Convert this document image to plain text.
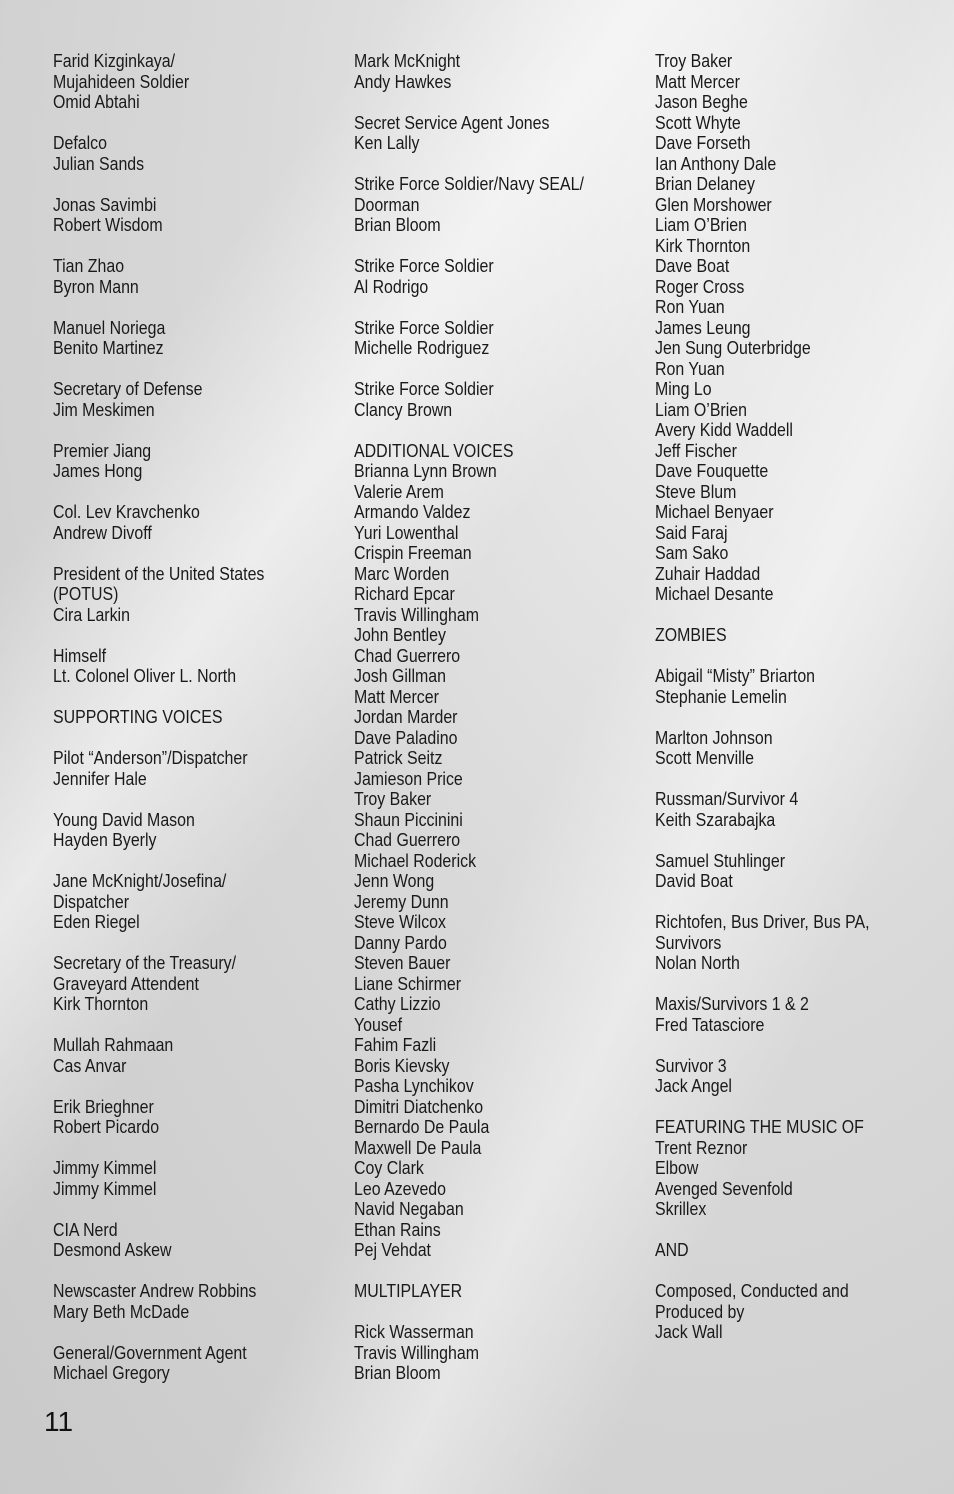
Farid Kizginkaya/
Mujahideen Soldier
Omid Abtahi
Defalco
Julian Sands
Jonas Savimbi
Robert Wisdom
Tian Zhao
Byron Mann
Manuel Noriega
Benito Martinez
Secretary of Defense
Jim Meskimen
Premier Jiang
James Hong
Col. Lev Kravchenko
Andrew Divoff
President of the United States
(POTUS)
Cira Larkin
Himself
Lt. Colonel Oliver L. North
SUPPORTING VOICES
Pilot “Anderson”/Dispatcher
Jennifer Hale
Young David Mason
Hayden Byerly
Jane McKnight/Josefina/
Dispatcher
Eden Riegel
Secretary of the Treasury/
Graveyard Attendent
Kirk Thornton
Mullah Rahmaan
Cas Anvar
Erik Brieghner
Robert Picardo
Jimmy Kimmel
Jimmy Kimmel
CIA Nerd
Desmond Askew
Newscaster Andrew Robbins
Mary Beth McDade
General/Government Agent
Michael Gregory
Mark McKnight
Andy Hawkes
Secret Service Agent Jones
Ken Lally
Strike Force Soldier/Navy SEAL/
Doorman
Brian Bloom
Strike Force Soldier
Al Rodrigo
Strike Force Soldier
Michelle Rodriguez
Strike Force Soldier
Clancy Brown
ADDITIONAL VOICES
Brianna Lynn Brown
Valerie Arem
Armando Valdez
Yuri Lowenthal
Crispin Freeman
Marc Worden
Richard Epcar
Travis Willingham
John Bentley
Chad Guerrero
Josh Gillman
Matt Mercer
Jordan Marder
Dave Paladino
Patrick Seitz
Jamieson Price
Troy Baker
Shaun Piccinini
Chad Guerrero
Michael Roderick
Jenn Wong
Jeremy Dunn
Steve Wilcox
Danny Pardo
Steven Bauer
Liane Schirmer
Cathy Lizzio
Yousef
Fahim Fazli
Boris Kievsky
Pasha Lynchikov
Dimitri Diatchenko
Bernardo De Paula
Maxwell De Paula
Coy Clark
Leo Azevedo
Navid Negaban
Ethan Rains
Pej Vehdat
MULTIPLAYER
Rick Wasserman
Travis Willingham
Brian Bloom
Troy Baker
Matt Mercer
Jason Beghe
Scott Whyte
Dave Forseth
Ian Anthony Dale
Brian Delaney
Glen Morshower
Liam O’Brien
Kirk Thornton
Dave Boat
Roger Cross
Ron Yuan
James Leung
Jen Sung Outerbridge
Ron Yuan
Ming Lo
Liam O’Brien
Avery Kidd Waddell
Jeff Fischer
Dave Fouquette
Steve Blum
Michael Benyaer
Said Faraj
Sam Sako
Zuhair Haddad
Michael Desante
ZOMBIES
Abigail “Misty” Briarton
Stephanie Lemelin
Marlton Johnson
Scott Menville
Russman/Survivor 4
Keith Szarabajka
Samuel Stuhlinger
David Boat
Richtofen, Bus Driver, Bus PA,
Survivors
Nolan North
Maxis/Survivors 1 & 2
Fred Tatasciore
Survivor 3
Jack Angel
FEATURING THE MUSIC OF
Trent Reznor
Elbow
Avenged Sevenfold
Skrillex
AND
Composed, Conducted and
Produced by
Jack Wall
11
